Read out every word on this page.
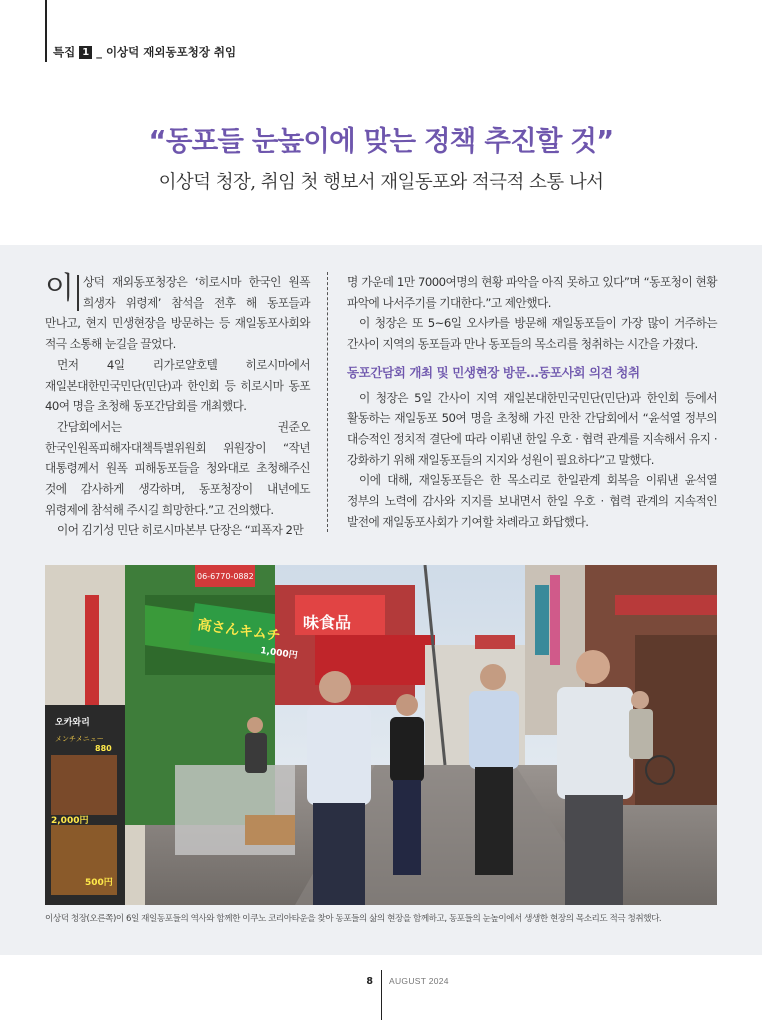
특집 1 _ 이상덕 재외동포청장 취임
“동포들 눈높이에 맞는 정책 추진할 것”
이상덕 청장, 취임 첫 행보서 재일동포와 적극적 소통 나서
이 상덕 재외동포청장은 ‘히로시마 한국인 원폭 희생자 위령제’ 참석을 전후 해 동포들과 만나고, 현지 민생현장을 방문하는 등 재일동포사회와 적극 소통해 눈길을 끌었다.

먼저 4일 리가로얄호텔 히로시마에서 재일본대한민국민단(민단)과 한인회 등 히로시마 동포 40여 명을 초청해 동포간담회를 개최했다.

간담회에서는 권준오 한국인원폭피해자대책특별위원회 위원장이 “작년 대통령께서 원폭 피해동포들을 청와대로 초청해주신 것에 감사하게 생각하며, 동포청장이 내년에도 위령제에 참석해 주시길 희망한다.”고 건의했다.

이어 김기성 민단 히로시마본부 단장은 “피폭자 2만

명 가운데 1만 7000여명의 현황 파악을 아직 못하고 있다”며 “동포청이 현황 파악에 나서주기를 기대한다.”고 제안했다.

이 청장은 또 5~6일 오사카를 방문해 재일동포들이 가장 많이 거주하는 간사이 지역의 동포들과 만나 동포들의 목소리를 청취하는 시간을 가졌다.

동포간담회 개최 및 민생현장 방문…동포사회 의견 청취

이 청장은 5일 간사이 지역 재일본대한민국민단(민단)과 한인회 등에서 활동하는 재일동포 50여 명을 초청해 가진 만찬 간담회에서 “윤석열 정부의 대승적인 정치적 결단에 따라 이뤄낸 한일 우호 · 협력 관계를 지속해서 유지 · 강화하기 위해 재일동포들의 지지와 성원이 필요하다”고 말했다.

이에 대해, 재일동포들은 한 목소리로 한일관계 회복을 이뤄낸 윤석열 정부의 노력에 감사와 지지를 보내면서 한일 우호 · 협력 관계의 지속적인 발전에 재일동포사회가 기여할 차례라고 화답했다.

高さんキムチ
1,000円
味食品
06-6770-0882
오카와리
メンチメニュー
880
2,000円
500円
이상덕 청장(오른쪽)이 6일 재일동포들의 역사와 함께한 이쿠노 코리아타운을 찾아 동포들의 삶의 현장을 함께하고, 동포들의 눈높이에서 생생한 현장의 목소리도 적극 청취했다.
8 AUGUST 2024
